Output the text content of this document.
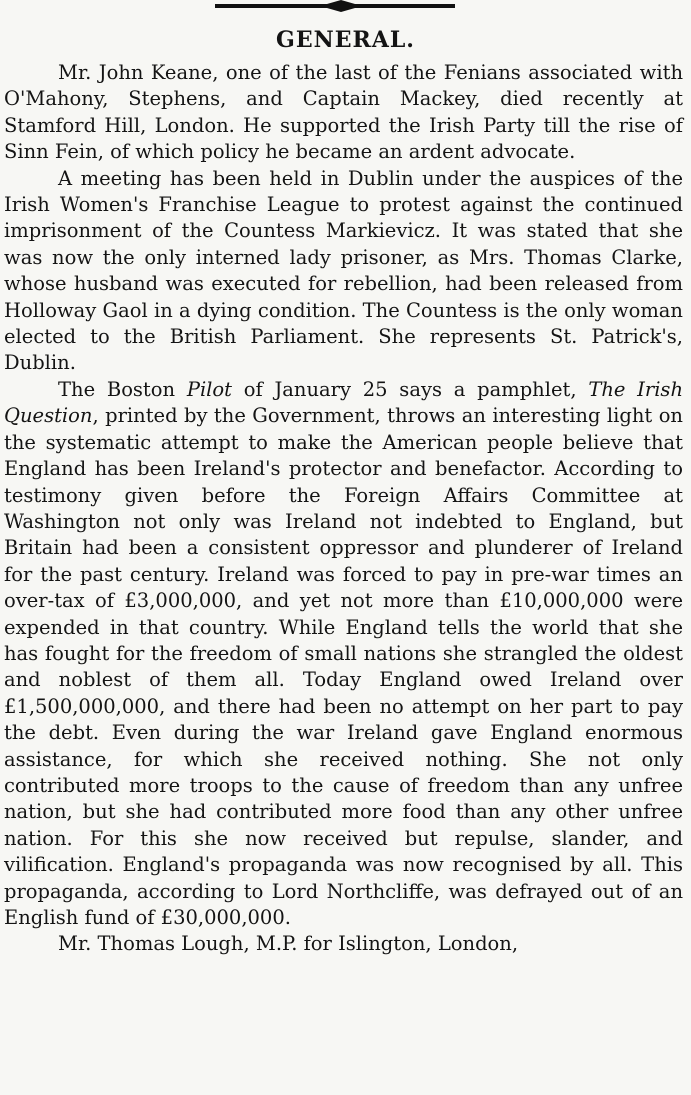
GENERAL.

Mr. John Keane, one of the last of the Fenians associated with O'Mahony, Stephens, and Captain Mackey, died recently at Stamford Hill, London. He supported the Irish Party till the rise of Sinn Fein, of which policy he became an ardent advocate.

A meeting has been held in Dublin under the auspices of the Irish Women's Franchise League to protest against the continued imprisonment of the Countess Markievicz. It was stated that she was now the only interned lady prisoner, as Mrs. Thomas Clarke, whose husband was executed for rebellion, had been released from Holloway Gaol in a dying condition. The Countess is the only woman elected to the British Parliament. She represents St. Patrick's, Dublin.

The Boston Pilot of January 25 says a pamphlet, The Irish Question, printed by the Government, throws an interesting light on the systematic attempt to make the American people believe that England has been Ireland's protector and benefactor. According to testimony given before the Foreign Affairs Committee at Washington not only was Ireland not indebted to England, but Britain had been a consistent oppressor and plunderer of Ireland for the past century. Ireland was forced to pay in pre-war times an over-tax of £3,000,000, and yet not more than £10,000,000 were expended in that country. While England tells the world that she has fought for the freedom of small nations she strangled the oldest and noblest of them all. Today England owed Ireland over £1,500,000,000, and there had been no attempt on her part to pay the debt. Even during the war Ireland gave England enormous assistance, for which she received nothing. She not only contributed more troops to the cause of freedom than any unfree nation, but she had contributed more food than any other unfree nation. For this she now received but repulse, slander, and vilification. England's propaganda was now recognised by all. This propaganda, according to Lord Northcliffe, was defrayed out of an English fund of £30,000,000.

Mr. Thomas Lough, M.P. for Islington, London,
